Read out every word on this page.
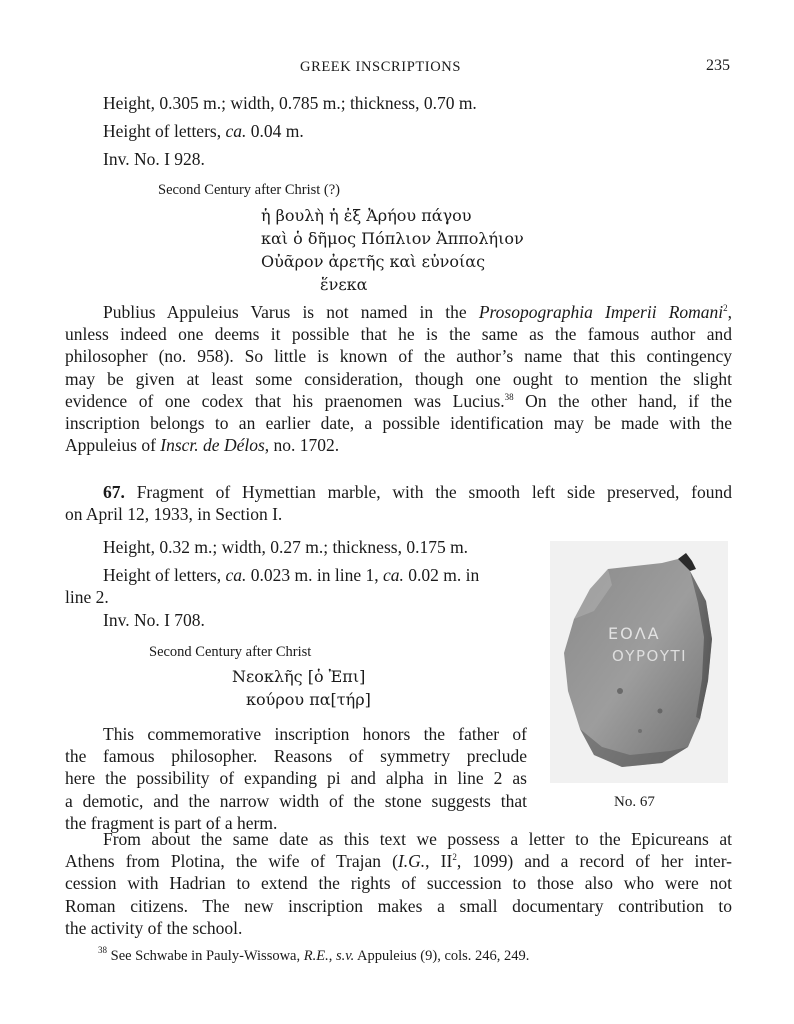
GREEK INSCRIPTIONS	235
Height, 0.305 m.; width, 0.785 m.; thickness, 0.70 m.
Height of letters, ca. 0.04 m.
Inv. No. I 928.
Second Century after Christ (?)
ἡ βουλὴ ἡ ἐξ Ἀρήου πάγου
καὶ ὁ δῆμος Πόπλιον Ἀππολήιον
Οὐᾶρον ἀρετῆς καὶ εὐνοίας
ἕνεκα
Publius Appuleius Varus is not named in the Prosopographia Imperii Romani$^2$,
unless indeed one deems it possible that he is the same as the famous author and
philosopher (no. 958). So little is known of the author’s name that this contingency
may be given at least some consideration, though one ought to mention the slight
evidence of one codex that his praenomen was Lucius.$^{38}$ On the other hand, if the
inscription belongs to an earlier date, a possible identification may be made with the
Appuleius of Inscr. de Délos, no. 1702.
67. Fragment of Hymettian marble, with the smooth left side preserved, found
on April 12, 1933, in Section I.
Height, 0.32 m.; width, 0.27 m.; thickness, 0.175 m.
Height of letters, ca. 0.023 m. in line 1, ca. 0.02 m. in
line 2.
Inv. No. I 708.
Second Century after Christ
Νεοκλῆς [ὁ Ἐπι]
κούρου πα[τήρ]
ΕΟΛΑ
ΟΥΡΟΥΤΙ
No. 67
This commemorative inscription honors the father of
the famous philosopher. Reasons of symmetry preclude
here the possibility of expanding pi and alpha in line 2 as
a demotic, and the narrow width of the stone suggests that
the fragment is part of a herm.
From about the same date as this text we possess a letter to the Epicureans at
Athens from Plotina, the wife of Trajan (I.G., $II^2$, 1099) and a record of her inter-
cession with Hadrian to extend the rights of succession to those also who were not
Roman citizens. The new inscription makes a small documentary contribution to
the activity of the school.
$^{38}$ See Schwabe in Pauly-Wissowa, R.E., s.v. Appuleius (9), cols. 246, 249.
